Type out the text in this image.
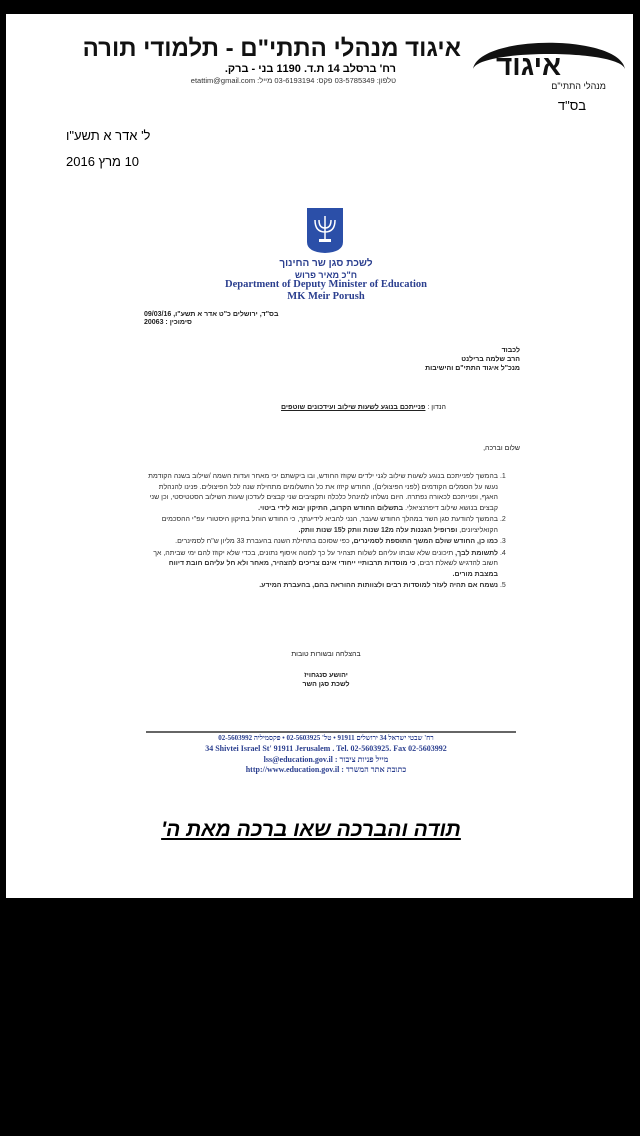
איגוד
מנהלי התתי"ם
איגוד מנהלי התתי"ם - תלמודי תורה
רח' ברסלב 14 ת.ד. 1190 בני - ברק.
טלפון: 03-5785349 פקס: 03-6193194 מייל: etattim@gmail.com
בס"ד
ל' אדר א תשע"ו
10 מרץ 2016
לשכת סגן שר החינוך
ח"כ מאיר פרוש
Department of Deputy Minister of Education
MK Meir Porush
בס"ד, ירושלים כ"ט אדר א תשע"ו, 09/03/16
סימוכין : 20063
לכבוד
הרב שלמה ברילנט
מנכ"ל איגוד התתי"ם והישיבות
הנדון : פנייתכם בנוגע לשעות שילוב ועידכונים שוטפים
שלום וברכה,
1. בהמשך לפנייתכם בנוגע לשעות שילוב לגני ילדים שקוזז החודש, ובו ביקשתם יכי מאחר ועדות השמה /שילוב בשנה הקודמת נעשו על הסמלים הקודמים (לפני הפיצולים), החודש קיזזו את כל התשלומים מתחילת שנה לכל הפיצולים. פנינו להנהלת האגף, ופנייתכם לכאורה נפתרה. היום נשלחו למינהל כלכלה ותקציבים שני קבצים לעדכון שעות השילוב הסטטיסטי, וכן שני קבצים בנושא שילוב דיפרנציאלי. בתשלום החודש הקרוב, התיקון יבוא לידי ביטוי.
2. בהמשך להודעת סגן השר במהלך החודש שעבר, הנני להביא לידיעתך, כי החודש הוחל בתיקון היסטורי עפ"י ההסכמים הקואליציונים, ופרופיל הגננות עלה מ12 שנות וותק ל15 שנות וותק.
3. כמו כן, החודש שולם המשך התוספת לסמינרים, כפי שסוכם בתחילת השנה בהעברת 33 מליון ש"ח לסמינרים.
4. לתשומת לבך, תיכונים שלא שבתו עליהם לשלוח תצהיר על כך למטה איסוף נתונים, בכדי שלא יקוזז להם ימי שביתה, אך חשוב להדגיש לשאלת רבים, כי מוסדות תרבותיי ייחודי אינם צריכים להצהיר, מאחר ולא חל עליהם חובת דיווח במצבת מורים.
5. נשמח אם תהיה לעזר למוסדות רבים ולצוותות ההוראה בהם, בהעברת המידע.
בהצלחה ובשורות טובות
יהושע סנגחויז
לשכת סגן השר
רח' שבטי ישראל 34 ירושלים 91911 • טל' 02-5603925 • פקסמיליה 02-5603992
34 Shivtei Israel St' 91911 Jerusalem . Tel. 02-5603925. Fax 02-5603992
מייל פניות ציבור : lss@education.gov.il
כתובת אתר המשרד : http://www.education.gov.il
תודה והברכה שאו ברכה מאת ה'
